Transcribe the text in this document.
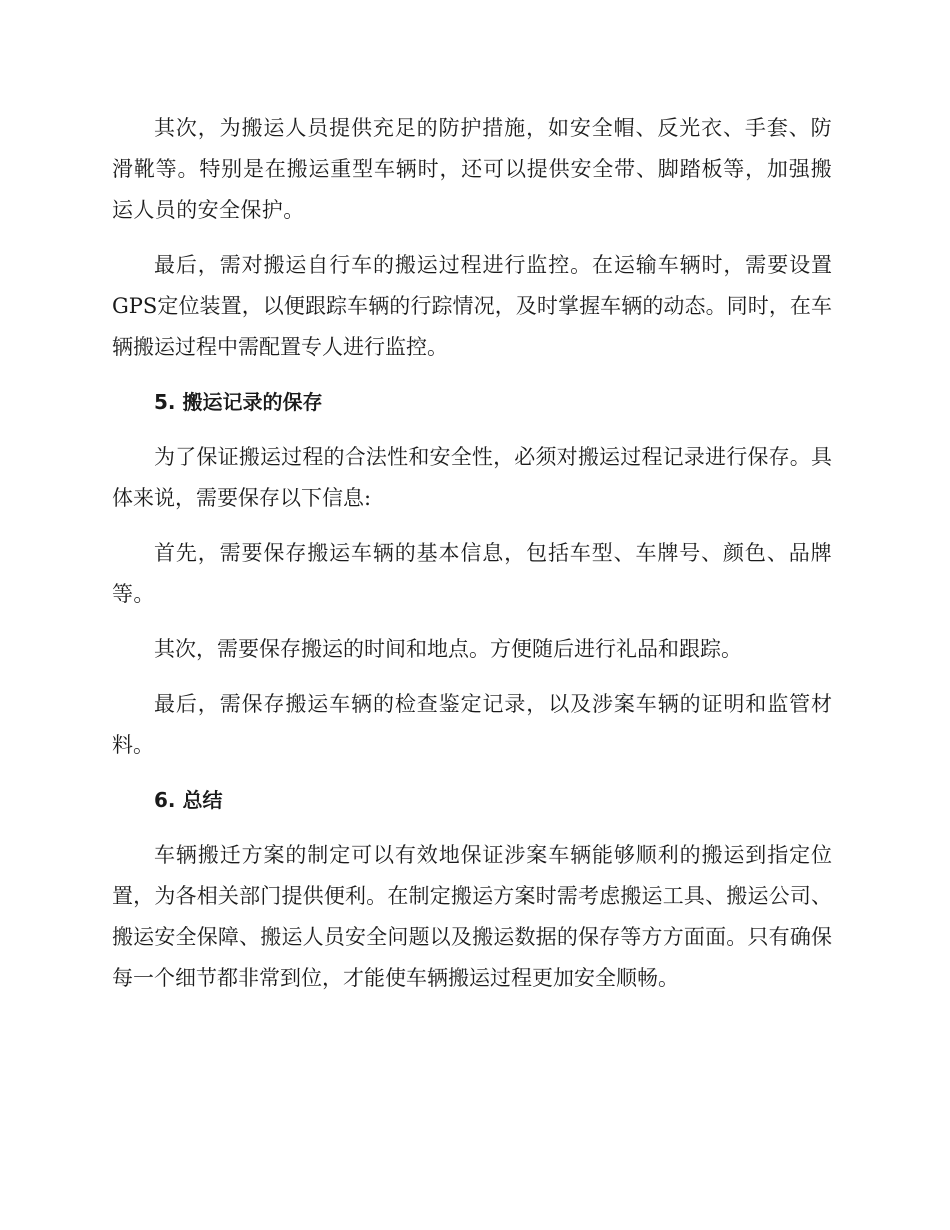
其次，为搬运人员提供充足的防护措施，如安全帽、反光衣、手套、防滑靴等。特别是在搬运重型车辆时，还可以提供安全带、脚踏板等，加强搬运人员的安全保护。

最后，需对搬运自行车的搬运过程进行监控。在运输车辆时，需要设置GPS定位装置，以便跟踪车辆的行踪情况，及时掌握车辆的动态。同时，在车辆搬运过程中需配置专人进行监控。

5. 搬运记录的保存

为了保证搬运过程的合法性和安全性，必须对搬运过程记录进行保存。具体来说，需要保存以下信息:

首先，需要保存搬运车辆的基本信息，包括车型、车牌号、颜色、品牌等。

其次，需要保存搬运的时间和地点。方便随后进行礼品和跟踪。

最后，需保存搬运车辆的检查鉴定记录，以及涉案车辆的证明和监管材料。

6. 总结

车辆搬迁方案的制定可以有效地保证涉案车辆能够顺利的搬运到指定位置，为各相关部门提供便利。在制定搬运方案时需考虑搬运工具、搬运公司、搬运安全保障、搬运人员安全问题以及搬运数据的保存等方方面面。只有确保每一个细节都非常到位，才能使车辆搬运过程更加安全顺畅。
